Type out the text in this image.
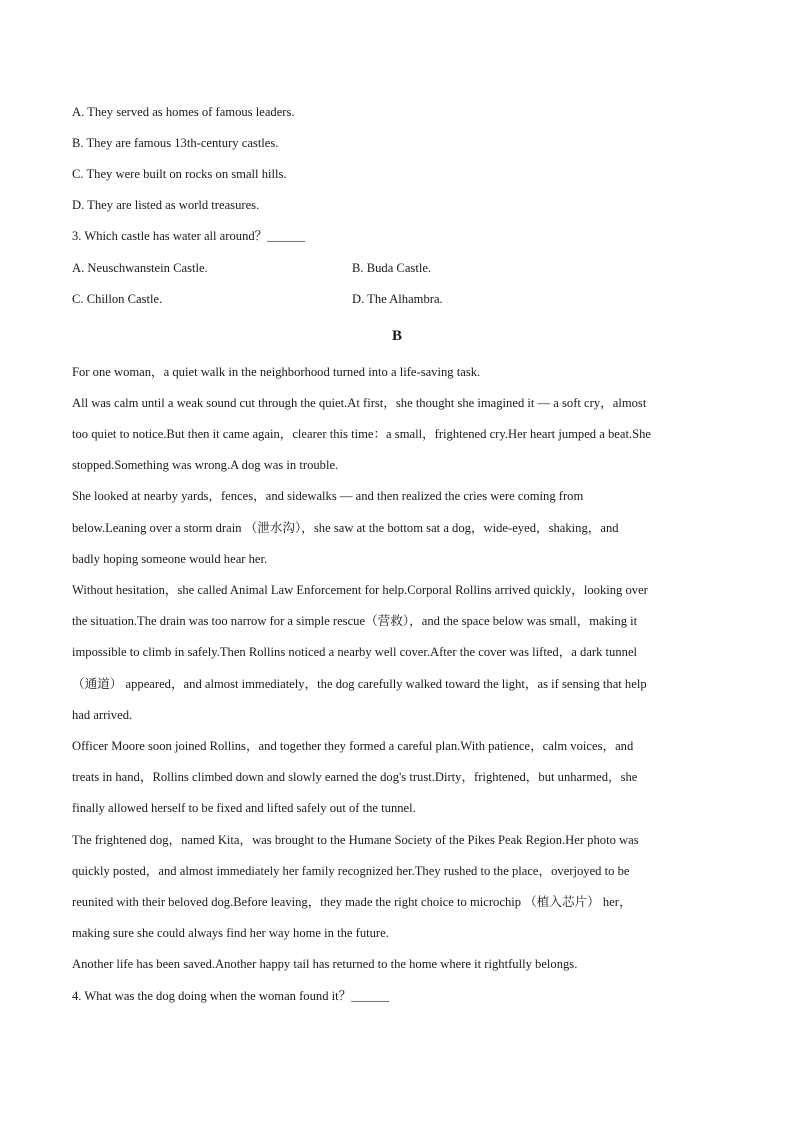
A. They served as homes of famous leaders.
B. They are famous 13th-century castles.
C. They were built on rocks on small hills.
D. They are listed as world treasures.
3. Which castle has water all around？______
A. Neuschwanstein Castle.	B. Buda Castle.
C. Chillon Castle.	D. The Alhambra.
B
For one woman，a quiet walk in the neighborhood turned into a life-saving task.
All was calm until a weak sound cut through the quiet.At first，she thought she imagined it — a soft cry，almost
too quiet to notice.But then it came again，clearer this time：a small，frightened cry.Her heart jumped a beat.She
stopped.Something was wrong.A dog was in trouble.
She looked at nearby yards，fences，and sidewalks — and then realized the cries were coming from
below.Leaning over a storm drain （泄水沟），she saw at the bottom sat a dog，wide-eyed，shaking，and
badly hoping someone would hear her.
Without hesitation，she called Animal Law Enforcement for help.Corporal Rollins arrived quickly，looking over
the situation.The drain was too narrow for a simple rescue（营救），and the space below was small，making it
impossible to climb in safely.Then Rollins noticed a nearby well cover.After the cover was lifted，a dark tunnel
（通道） appeared，and almost immediately，the dog carefully walked toward the light，as if sensing that help
had arrived.
Officer Moore soon joined Rollins，and together they formed a careful plan.With patience，calm voices，and
treats in hand，Rollins climbed down and slowly earned the dog's trust.Dirty，frightened，but unharmed，she
finally allowed herself to be fixed and lifted safely out of the tunnel.
The frightened dog，named Kita，was brought to the Humane Society of the Pikes Peak Region.Her photo was
quickly posted，and almost immediately her family recognized her.They rushed to the place，overjoyed to be
reunited with their beloved dog.Before leaving，they made the right choice to microchip （植入芯片） her，
making sure she could always find her way home in the future.
Another life has been saved.Another happy tail has returned to the home where it rightfully belongs.
4. What was the dog doing when the woman found it？______
